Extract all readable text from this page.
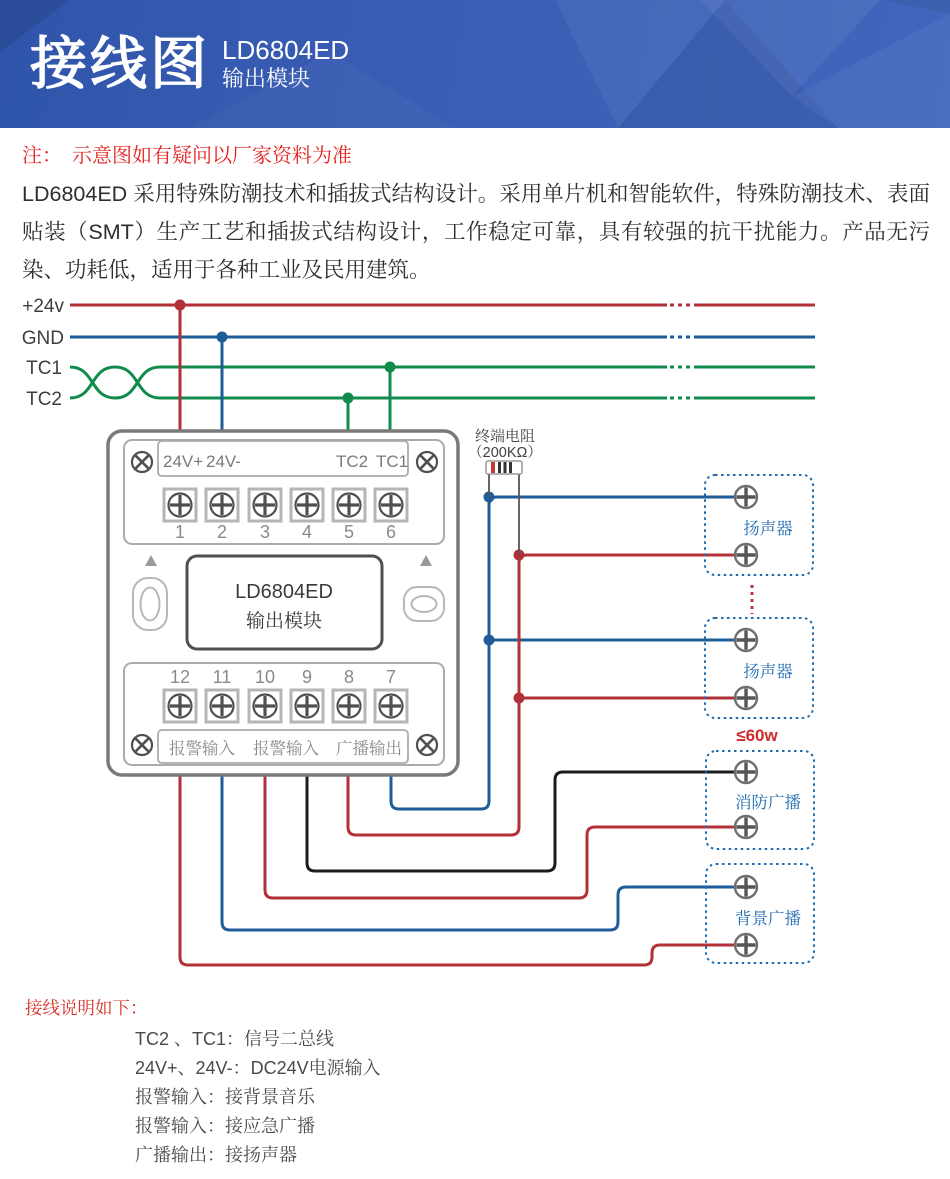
接线图 LD6804ED
输出模块
注：　示意图如有疑问以厂家资料为准
LD6804ED 采用特殊防潮技术和插拔式结构设计。采用单片机和智能软件，特殊防潮技术、表面贴装（SMT）生产工艺和插拔式结构设计，工作稳定可靠，具有较强的抗干扰能力。产品无污染、功耗低，适用于各种工业及民用建筑。
+24v
GND
TC1
TC2
终端电阻
（200KΩ）
24V+ 24V-	TC2 TC1
1 2 3 4 5 6
LD6804ED
输出模块
12 11 10 9 8 7
报警输入 报警输入 广播输出
扬声器
扬声器
≤60w
消防广播
背景广播
接线说明如下：
TC2 、TC1：信号二总线
24V+、24V-：DC24V电源输入
报警输入：接背景音乐
报警输入：接应急广播
广播输出：接扬声器
